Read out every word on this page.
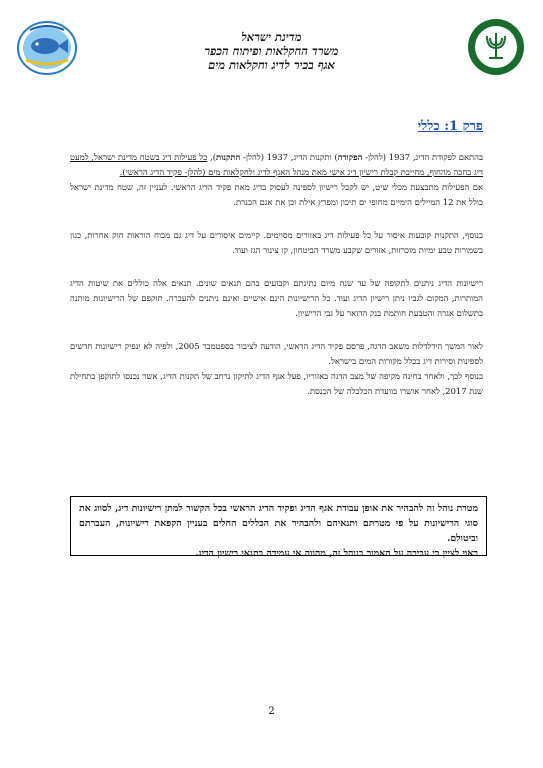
מדינת ישראל
משרד החקלאות ופיתוח הכפר
אגף בכיר לדיג וחקלאות מים
פרק 1: כללי

בהתאם לפקודת הדיג, 1937 (להלן- הפקודה) ותקנות הדיג, 1937 (להלן- התקנות), כל פעילות דיג בשטח מדינת ישראל, למעט דיג בחכה מהחוף, מחייבת קבלת רישיון דיג אישי מאת מנהל האגף לדיג ולחקלאות מים (להלן- פקיד הדיג הראשי).
אם הפעילות מתבצעת מכלי שיט, יש לקבל רישיון לספינה לעסוק בדיג מאת פקיד הדיג הראשי. לעניין זה, שטח מדינת ישראל כולל את 12 המיילים הימיים מחופי ים תיכון ומפרץ אילת וכן את אגם הכנרת.

בנוסף, התקנות קובעות איסור על כל פעילות דיג באזורים מסוימים. קיימים איסורים על דיג גם מכוח הוראות חוק אחרות, כגון בשמורות טבע ימיות מוכרזות, אזורים שקבע משרד הביטחון, קו צינור הגז ועוד.

רישיונות הדיג ניתנים לתקופה של עד שנה מיום נתינתם וקבועים בהם תנאים שונים. תנאים אלה כוללים את שיטות הדיג המותרות, המקום לגביו ניתן רישיון הדיג ועוד. כל הרישיונות הינם אישיים ואינם ניתנים להעברה. תוקפם של הרישיונות מותנה בתשלום אגרה והטבעת חותמת בנק הדואר על גבי הרישיון.

לאור המשך הידלדלות משאב הדגה, פרסם פקיד הדיג הראשי, הודעה לציבור בספטמבר 2005, ולפיה לא ינפיק רישיונות חדשים לספינות וסירות דיג בכלל מקורות המים בישראל.
בנוסף לכך, ולאחר בחינה מקיפה של מצב הדגה באזוריו, פעל אגף הדיג לתיקון נרחב של תקנות הדיג, אשר נכנסו לתוקפן בתחילת שנת 2017, לאחר אושרו בוועדת הכלכלה של הכנסת.

מטרת נוהל זה להבהיר את אופן עבודת אגף הדיג ופקיד הדיג הראשי בכל הקשור למתן רישיונות דיג, לסווג את סוגי הרישיונות על פי מטרתם ותנאיהם ולהבהיר את הכללים החלים בעניין הקפאת רישיונות, העברתם וביטולם.
ראוי לציין כי עבירה על האמור בנוהל זה, מהווה אי עמידה בתנאי רישיון הדיג.
2
